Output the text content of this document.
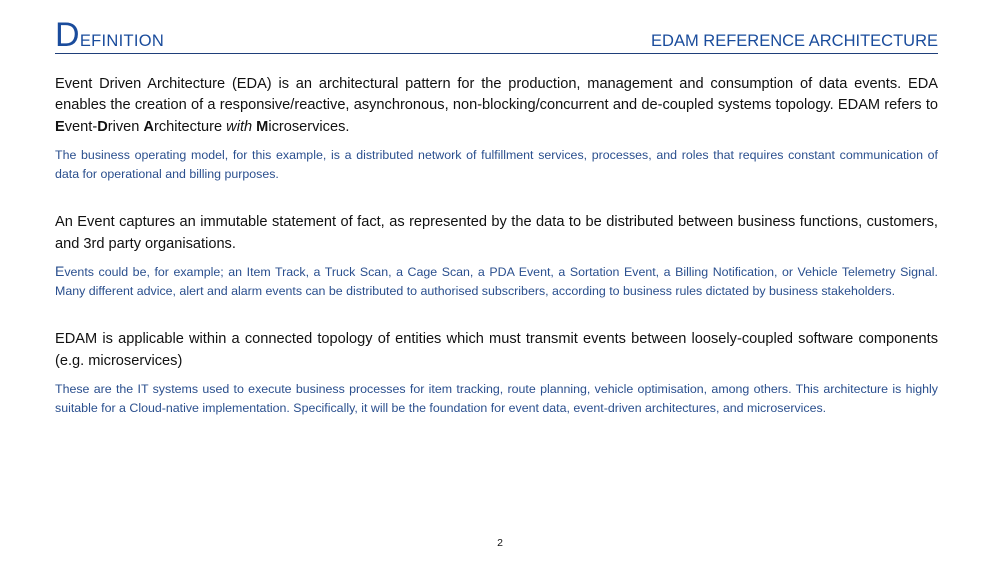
DEFINITION	EDAM REFERENCE ARCHITECTURE

Event Driven Architecture (EDA) is an architectural pattern for the production, management and consumption of data events. EDA enables the creation of a responsive/reactive, asynchronous, non-blocking/concurrent and de-coupled systems topology. EDAM refers to Event-Driven Architecture with Microservices.

The business operating model, for this example, is a distributed network of fulfillment services, processes, and roles that requires constant communication of data for operational and billing purposes.

An Event captures an immutable statement of fact, as represented by the data to be distributed between business functions, customers, and 3rd party organisations.

Events could be, for example; an Item Track, a Truck Scan, a Cage Scan, a PDA Event, a Sortation Event, a Billing Notification, or Vehicle Telemetry Signal. Many different advice, alert and alarm events can be distributed to authorised subscribers, according to business rules dictated by business stakeholders.

EDAM is applicable within a connected topology of entities which must transmit events between loosely-coupled software components (e.g. microservices)

These are the IT systems used to execute business processes for item tracking, route planning, vehicle optimisation, among others. This architecture is highly suitable for a Cloud-native implementation. Specifically, it will be the foundation for event data, event-driven architectures, and microservices.

2
